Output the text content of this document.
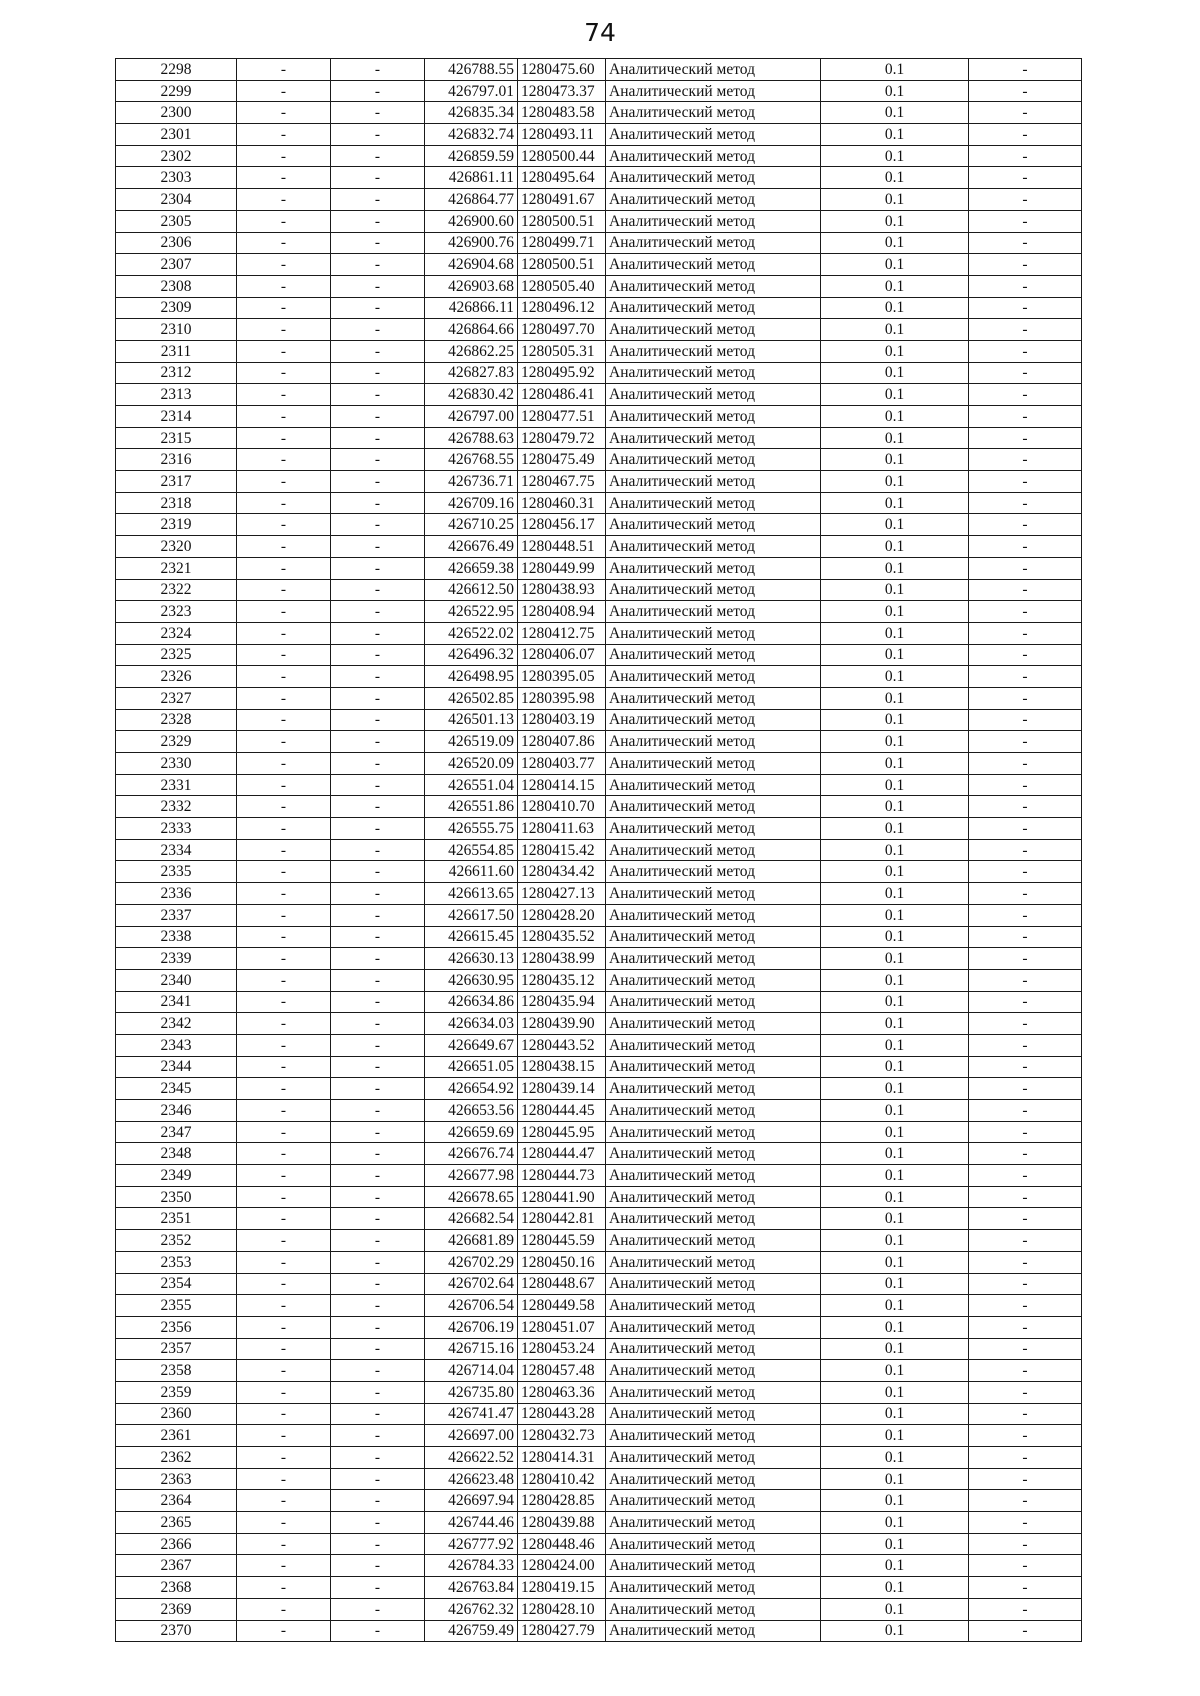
74
2298	-	-	426788.55	1280475.60	Аналитический метод	0.1	-
2299	-	-	426797.01	1280473.37	Аналитический метод	0.1	-
2300	-	-	426835.34	1280483.58	Аналитический метод	0.1	-
2301	-	-	426832.74	1280493.11	Аналитический метод	0.1	-
2302	-	-	426859.59	1280500.44	Аналитический метод	0.1	-
2303	-	-	426861.11	1280495.64	Аналитический метод	0.1	-
2304	-	-	426864.77	1280491.67	Аналитический метод	0.1	-
2305	-	-	426900.60	1280500.51	Аналитический метод	0.1	-
2306	-	-	426900.76	1280499.71	Аналитический метод	0.1	-
2307	-	-	426904.68	1280500.51	Аналитический метод	0.1	-
2308	-	-	426903.68	1280505.40	Аналитический метод	0.1	-
2309	-	-	426866.11	1280496.12	Аналитический метод	0.1	-
2310	-	-	426864.66	1280497.70	Аналитический метод	0.1	-
2311	-	-	426862.25	1280505.31	Аналитический метод	0.1	-
2312	-	-	426827.83	1280495.92	Аналитический метод	0.1	-
2313	-	-	426830.42	1280486.41	Аналитический метод	0.1	-
2314	-	-	426797.00	1280477.51	Аналитический метод	0.1	-
2315	-	-	426788.63	1280479.72	Аналитический метод	0.1	-
2316	-	-	426768.55	1280475.49	Аналитический метод	0.1	-
2317	-	-	426736.71	1280467.75	Аналитический метод	0.1	-
2318	-	-	426709.16	1280460.31	Аналитический метод	0.1	-
2319	-	-	426710.25	1280456.17	Аналитический метод	0.1	-
2320	-	-	426676.49	1280448.51	Аналитический метод	0.1	-
2321	-	-	426659.38	1280449.99	Аналитический метод	0.1	-
2322	-	-	426612.50	1280438.93	Аналитический метод	0.1	-
2323	-	-	426522.95	1280408.94	Аналитический метод	0.1	-
2324	-	-	426522.02	1280412.75	Аналитический метод	0.1	-
2325	-	-	426496.32	1280406.07	Аналитический метод	0.1	-
2326	-	-	426498.95	1280395.05	Аналитический метод	0.1	-
2327	-	-	426502.85	1280395.98	Аналитический метод	0.1	-
2328	-	-	426501.13	1280403.19	Аналитический метод	0.1	-
2329	-	-	426519.09	1280407.86	Аналитический метод	0.1	-
2330	-	-	426520.09	1280403.77	Аналитический метод	0.1	-
2331	-	-	426551.04	1280414.15	Аналитический метод	0.1	-
2332	-	-	426551.86	1280410.70	Аналитический метод	0.1	-
2333	-	-	426555.75	1280411.63	Аналитический метод	0.1	-
2334	-	-	426554.85	1280415.42	Аналитический метод	0.1	-
2335	-	-	426611.60	1280434.42	Аналитический метод	0.1	-
2336	-	-	426613.65	1280427.13	Аналитический метод	0.1	-
2337	-	-	426617.50	1280428.20	Аналитический метод	0.1	-
2338	-	-	426615.45	1280435.52	Аналитический метод	0.1	-
2339	-	-	426630.13	1280438.99	Аналитический метод	0.1	-
2340	-	-	426630.95	1280435.12	Аналитический метод	0.1	-
2341	-	-	426634.86	1280435.94	Аналитический метод	0.1	-
2342	-	-	426634.03	1280439.90	Аналитический метод	0.1	-
2343	-	-	426649.67	1280443.52	Аналитический метод	0.1	-
2344	-	-	426651.05	1280438.15	Аналитический метод	0.1	-
2345	-	-	426654.92	1280439.14	Аналитический метод	0.1	-
2346	-	-	426653.56	1280444.45	Аналитический метод	0.1	-
2347	-	-	426659.69	1280445.95	Аналитический метод	0.1	-
2348	-	-	426676.74	1280444.47	Аналитический метод	0.1	-
2349	-	-	426677.98	1280444.73	Аналитический метод	0.1	-
2350	-	-	426678.65	1280441.90	Аналитический метод	0.1	-
2351	-	-	426682.54	1280442.81	Аналитический метод	0.1	-
2352	-	-	426681.89	1280445.59	Аналитический метод	0.1	-
2353	-	-	426702.29	1280450.16	Аналитический метод	0.1	-
2354	-	-	426702.64	1280448.67	Аналитический метод	0.1	-
2355	-	-	426706.54	1280449.58	Аналитический метод	0.1	-
2356	-	-	426706.19	1280451.07	Аналитический метод	0.1	-
2357	-	-	426715.16	1280453.24	Аналитический метод	0.1	-
2358	-	-	426714.04	1280457.48	Аналитический метод	0.1	-
2359	-	-	426735.80	1280463.36	Аналитический метод	0.1	-
2360	-	-	426741.47	1280443.28	Аналитический метод	0.1	-
2361	-	-	426697.00	1280432.73	Аналитический метод	0.1	-
2362	-	-	426622.52	1280414.31	Аналитический метод	0.1	-
2363	-	-	426623.48	1280410.42	Аналитический метод	0.1	-
2364	-	-	426697.94	1280428.85	Аналитический метод	0.1	-
2365	-	-	426744.46	1280439.88	Аналитический метод	0.1	-
2366	-	-	426777.92	1280448.46	Аналитический метод	0.1	-
2367	-	-	426784.33	1280424.00	Аналитический метод	0.1	-
2368	-	-	426763.84	1280419.15	Аналитический метод	0.1	-
2369	-	-	426762.32	1280428.10	Аналитический метод	0.1	-
2370	-	-	426759.49	1280427.79	Аналитический метод	0.1	-
